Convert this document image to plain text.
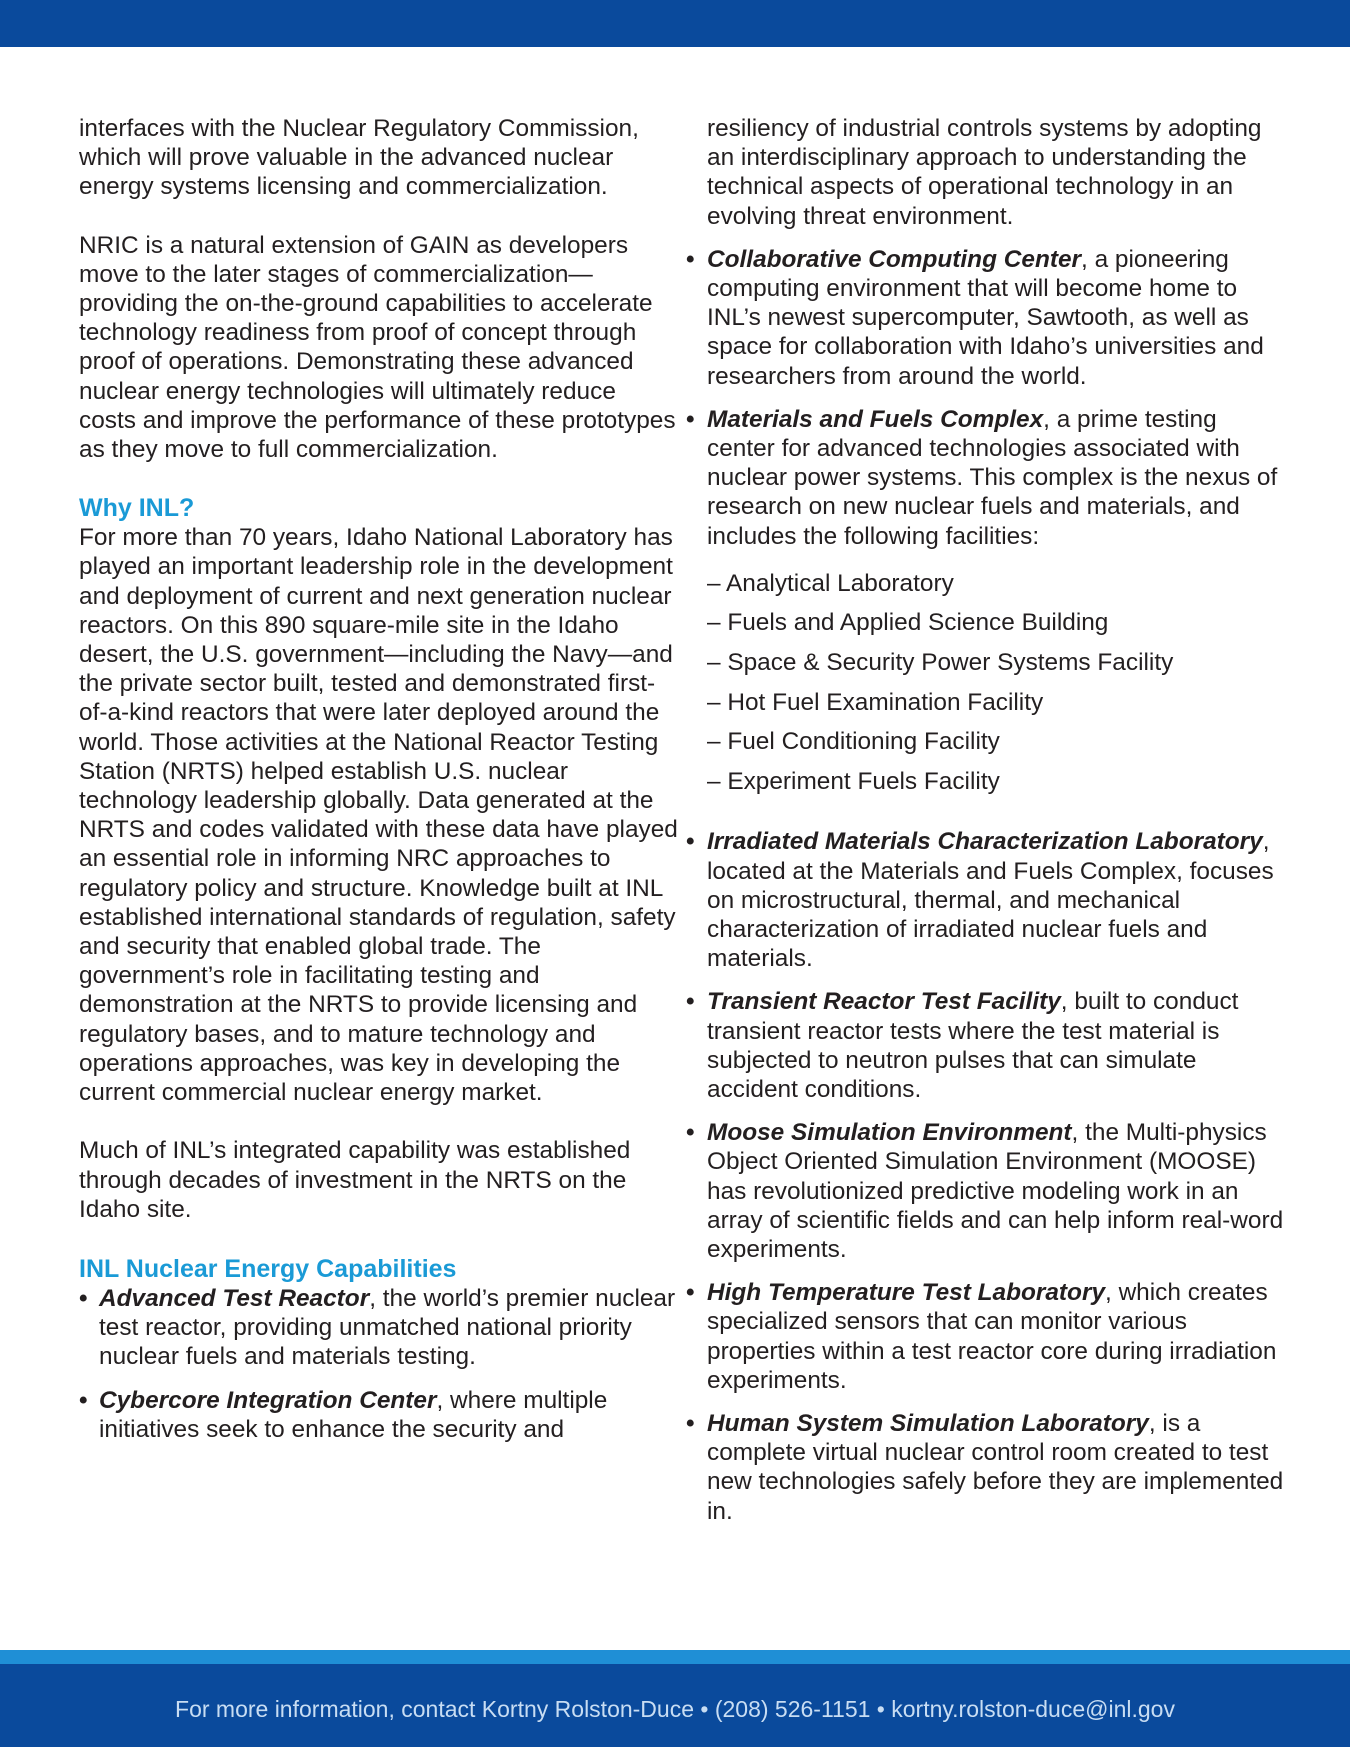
interfaces with the Nuclear Regulatory Commission, which will prove valuable in the advanced nuclear energy systems licensing and commercialization.

NRIC is a natural extension of GAIN as developers move to the later stages of commercialization—providing the on-the-ground capabilities to accelerate technology readiness from proof of concept through proof of operations. Demonstrating these advanced nuclear energy technologies will ultimately reduce costs and improve the performance of these prototypes as they move to full commercialization.

Why INL?

For more than 70 years, Idaho National Laboratory has played an important leadership role in the development and deployment of current and next generation nuclear reactors. On this 890 square-mile site in the Idaho desert, the U.S. government—including the Navy—and the private sector built, tested and demonstrated first-of-a-kind reactors that were later deployed around the world. Those activities at the National Reactor Testing Station (NRTS) helped establish U.S. nuclear technology leadership globally. Data generated at the NRTS and codes validated with these data have played an essential role in informing NRC approaches to regulatory policy and structure. Knowledge built at INL established international standards of regulation, safety and security that enabled global trade. The government’s role in facilitating testing and demonstration at the NRTS to provide licensing and regulatory bases, and to mature technology and operations approaches, was key in developing the current commercial nuclear energy market.

Much of INL’s integrated capability was established through decades of investment in the NRTS on the Idaho site.

INL Nuclear Energy Capabilities
• Advanced Test Reactor, the world’s premier nuclear test reactor, providing unmatched national priority nuclear fuels and materials testing.
• Cybercore Integration Center, where multiple initiatives seek to enhance the security and

resiliency of industrial controls systems by adopting an interdisciplinary approach to understanding the technical aspects of operational technology in an evolving threat environment.

• Collaborative Computing Center, a pioneering computing environment that will become home to INL’s newest supercomputer, Sawtooth, as well as space for collaboration with Idaho’s universities and researchers from around the world.
• Materials and Fuels Complex, a prime testing center for advanced technologies associated with nuclear power systems. This complex is the nexus of research on new nuclear fuels and materials, and includes the following facilities:
– Analytical Laboratory
– Fuels and Applied Science Building
– Space & Security Power Systems Facility
– Hot Fuel Examination Facility
– Fuel Conditioning Facility
– Experiment Fuels Facility
• Irradiated Materials Characterization Laboratory, located at the Materials and Fuels Complex, focuses on microstructural, thermal, and mechanical characterization of irradiated nuclear fuels and materials.
• Transient Reactor Test Facility, built to conduct transient reactor tests where the test material is subjected to neutron pulses that can simulate accident conditions.
• Moose Simulation Environment, the Multi-physics Object Oriented Simulation Environment (MOOSE) has revolutionized predictive modeling work in an array of scientific fields and can help inform real-word experiments.
• High Temperature Test Laboratory, which creates specialized sensors that can monitor various properties within a test reactor core during irradiation experiments.
• Human System Simulation Laboratory, is a complete virtual nuclear control room created to test new technologies safely before they are implemented in.
For more information, contact Kortny Rolston-Duce • (208) 526-1151 • kortny.rolston-duce@inl.gov
